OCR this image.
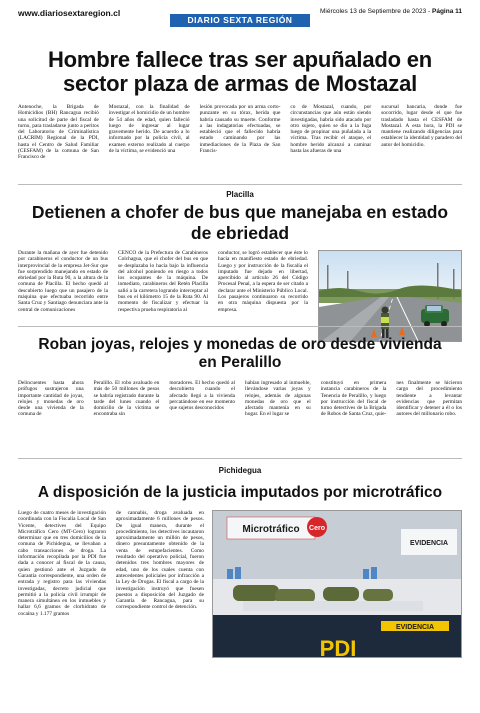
www.diariosextaregion.cl
DIARIO SEXTA REGIÓN
Miércoles 13 de Septiembre de 2023 - Página 11
Hombre fallece tras ser apuñalado en sector plaza de armas de Mostazal
Antenoche, la Brigada de Homicidios (BH) Rancagua recibió una solicitud de parte del fiscal de turno, para trasladarse junto a peritos del Laboratorio de Criminalística (LACRIM) Regional de la PDI, hasta el Centro de Salud Familiar (CESFAM) de la comuna de San Francisco de
Mostazal, con la finalidad de investigar el homicidio de un hombre de 54 años de edad, quien falleció luego de ingresar al lugar gravemente herido. De acuerdo a lo informado por la policía civil, al examen externo realizado al cuerpo de la víctima, se evidenció una
lesión provocada por un arma corto-punzante en su tórax, herida que habría causado su muerte. Conforme a las indagatorias efectuadas, se estableció que el fallecido habría estado caminando por las inmediaciones de la Plaza de San Francis-
co de Mostazal, cuando, por circunstancias que aún están siendo investigadas, habría sido atacado por otro sujeto, quien se dio a la fuga luego de propinar una puñalada a la víctima. Tras recibir el ataque, el hombre herido alcanzó a caminar hasta las afueras de una
sucursal bancaria, donde fue socorrido, lugar desde el que fue trasladado hasta el CESFAM de Mostazal. A esta hora, la PDI se mantiene realizando diligencias para establecer la identidad y paradero del autor del homicidio.
Placilla
Detienen a chofer de bus que manejaba en estado de ebriedad
Durante la mañana de ayer fue detenido por carabineros el conductor de un bus interprovincial de la empresa Jet-Sur que fue sorprendido manejando en estado de ebriedad por la Ruta 90, a la altura de la comuna de Placilla. El hecho quedó al descubierto luego que un pasajero de la máquina que efectuaba recorrido entre Santa Cruz y Santiago denunciara ante la central de comunicaciones
CENCO de la Prefectura de Carabineros Colchagua, que el chofer del bus en que se desplazaba lo hacía bajo la influencia del alcohol poniendo en riesgo a todos los ocupantes de la máquina. De inmediato, carabineros del Retén Placilla salió a la carretera logrando interceptar al bus en el kilómetro 15 de la Ruta 90. Al momento de fiscalizar y efectuar la respectiva prueba respiratoria al
conductor, se logró establecer que éste lo hacía en manifiesto estado de ebriedad. Luego y por instrucción de la fiscalía el imputado fue dejado en libertad, apercibido al artículo 26 del Código Procesal Penal, a la espera de ser citado a declarar ante el Ministerio Público Local. Los pasajeros continuaron su recorrido en otra máquina dispuesta por la empresa.
Roban joyas, relojes y monedas de oro desde vivienda en Peralillo
Delincuentes hasta ahora prófugos sustrajeron una importante cantidad de joyas, relojes y monedas de oro desde una vivienda de la comuna de
Peralillo. El robo avaluado en más de 50 millones de pesos se habría registrado durante la tarde del lunes cuando el domicilio de la víctima se encontraba sin
moradores. El hecho quedó al descubierto cuando el afectado llegó a la vivienda percatándose en ese momento que sujetos desconocidos
habían ingresado al inmueble, llevándose varias joyas y relojes, además de algunas monedas de oro que el afectado mantenía en su hogar. En el lugar se
constituyó en primera instancia carabineros de la Tenencia de Peralillo, y luego por instrucción del fiscal de turno detectives de la Brigada de Robos de Santa Cruz, quie-
nes finalmente se hicieron cargo del procedimiento tendiente a levantar evidencias que permitan identificar y detener a él o los autores del millonario robo.
Pichidegua
A disposición de la justicia imputados por microtráfico
Luego de cuatro meses de investigación coordinada con la Fiscalía Local de San Vicente, detectives del Equipo Microtráfico Cero (MT-Cero) lograron determinar que en tres domicilios de la comuna de Pichidegua, se llevaban a cabo transacciones de droga. La información recopilada por la PDI fue dada a conocer al fiscal de la causa, quien gestionó ante el Juzgado de Garantía correspondiente, una orden de entrada y registro para las viviendas investigadas, decreto judicial que permitió a la policía civil irrumpir de manera simultánea en los inmuebles y hallar 6,6 gramos de clorhidrato de cocaína y 1.177 gramos
de cannabis, droga avaluada en aproximadamente 6 millones de pesos. De igual manera, durante el procedimiento, los detectives incautaron aproximadamente un millón de pesos, dinero presuntamente obtenido de la venta de estupefacientes. Como resultado del operativo policial, fueron detenidos tres hombres mayores de edad, uno de los cuales cuenta con antecedentes policiales por infracción a la Ley de Drogas. El fiscal a cargo de la investigación instruyó que fuesen puestos a disposición del Juzgado de Garantía de Rancagua, para su correspondiente control de detención.
Microtráfico Cero
EVIDENCIA
EVIDENCIA
PDI
